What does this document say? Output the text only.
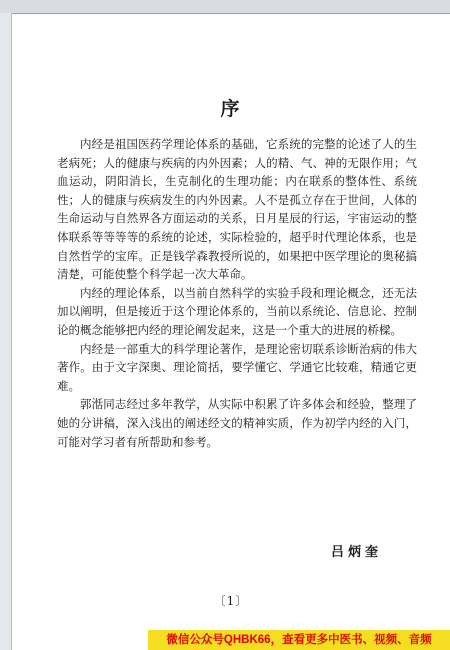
序

内经是祖国医药学理论体系的基础，它系统的完整的论述了人的生老病死；人的健康与疾病的内外因素；人的精、气、神的无限作用；气血运动，阴阳消长，生克制化的生理功能；内在联系的整体性、系统性；人的健康与疾病发生的内外因素。人不是孤立存在于世间，人体的生命运动与自然界各方面运动的关系，日月星辰的行运，宇宙运动的整体联系等等等等的系统的论述，实际检验的，超乎时代理论体系，也是自然哲学的宝库。正是钱学森教授所说的，如果把中医学理论的奥秘搞清楚，可能使整个科学起一次大革命。

内经的理论体系，以当前自然科学的实验手段和理论概念，还无法加以阐明，但是接近于这个理论体系的，当前以系统论、信息论、控制论的概念能够把内经的理论阐发起来，这是一个重大的进展的桥樑。

内经是一部重大的科学理论著作，是理论密切联系诊断治病的伟大著作。由于文字深奥、理论简括，要学懂它、学通它比较难，精通它更难。

郭湉同志经过多年教学，从实际中积累了许多体会和经验，整理了她的分讲稿，深入浅出的阐述经文的精神实质，作为初学内经的入门，可能对学习者有所帮助和参考。

吕炳奎
〔1〕
微信公众号QHBK66，查看更多中医书、视频、音频
